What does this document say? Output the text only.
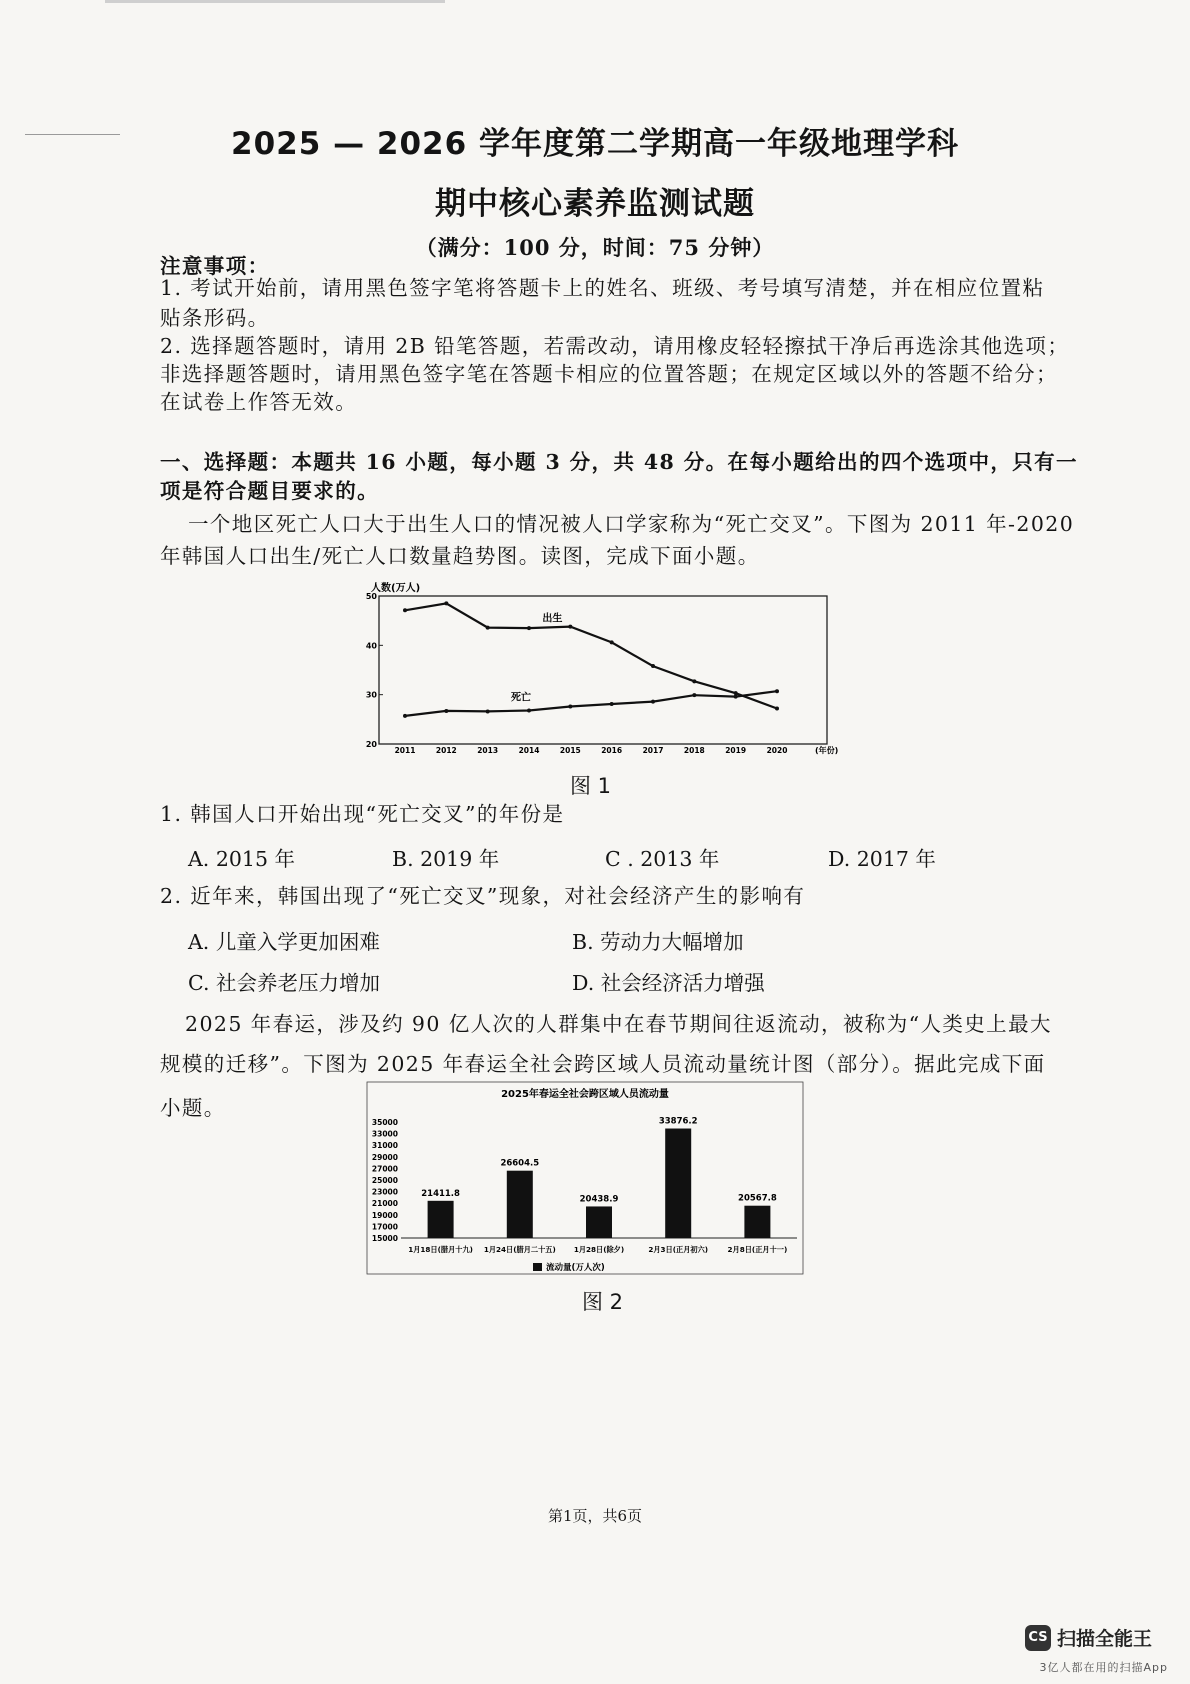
2025 — 2026 学年度第二学期高一年级地理学科
期中核心素养监测试题
（满分：100 分，时间：75 分钟）
注意事项：
1. 考试开始前，请用黑色签字笔将答题卡上的姓名、班级、考号填写清楚，并在相应位置粘
贴条形码。
2. 选择题答题时，请用 2B 铅笔答题，若需改动，请用橡皮轻轻擦拭干净后再选涂其他选项；
非选择题答题时，请用黑色签字笔在答题卡相应的位置答题；在规定区域以外的答题不给分；
在试卷上作答无效。
一、选择题：本题共 16 小题，每小题 3 分，共 48 分。在每小题给出的四个选项中，只有一
项是符合题目要求的。
一个地区死亡人口大于出生人口的情况被人口学家称为“死亡交叉”。下图为 2011 年-2020
年韩国人口出生/死亡人口数量趋势图。读图，完成下面小题。
人数(万人)
(年份)
20
30
40
50
2011	2012	2013	2014	2015	2016	2017	2018	2019	2020
出生
死亡
图 1
1. 韩国人口开始出现“死亡交叉”的年份是
A. 2015 年	B. 2019 年	C . 2013 年	D. 2017 年
2. 近年来，韩国出现了“死亡交叉”现象，对社会经济产生的影响有
A. 儿童入学更加困难	B. 劳动力大幅增加
C. 社会养老压力增加	D. 社会经济活力增强
2025 年春运，涉及约 90 亿人次的人群集中在春节期间往返流动，被称为“人类史上最大
规模的迁移”。下图为 2025 年春运全社会跨区域人员流动量统计图（部分）。据此完成下面
小题。
2025年春运全社会跨区域人员流动量
15000
17000
19000
21000
23000
25000
27000
29000
31000
33000
35000
1月18日(腊月十九) 1月24日(腊月二十五)	1月28日(除夕)	2月3日(正月初六)	2月8日(正月十一)
21411.8
26604.5
20438.9
33876.2
20567.8
流动量(万人次)
图 2
第1页，共6页
CS 扫描全能王
3亿人都在用的扫描App
